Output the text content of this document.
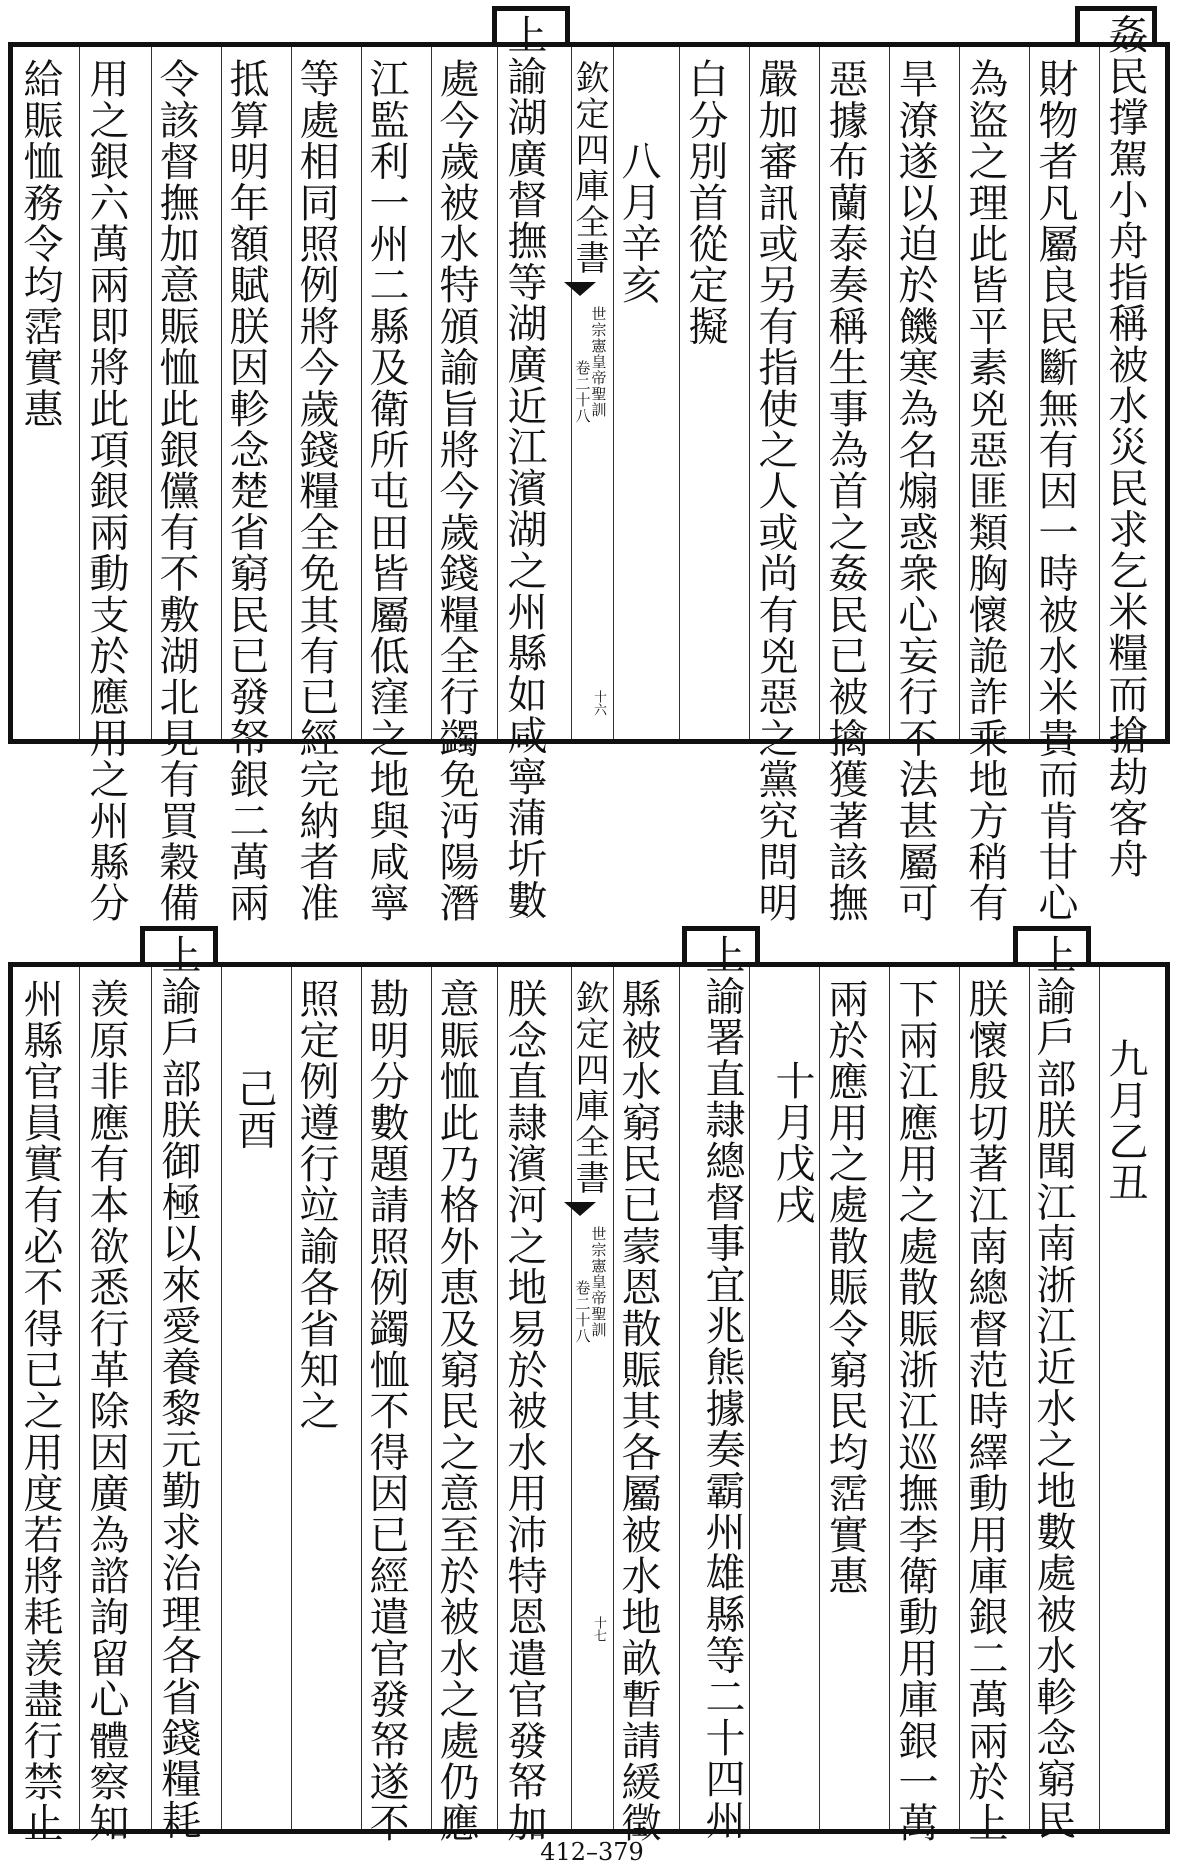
姦民撑駕小舟指稱被水災民求乞米糧而搶劫客舟
財物者凡屬良民斷無有因一時被水米貴而肯甘心
為盜之理此皆平素兇惡匪類胸懷詭詐乘地方稍有
旱潦遂以迫於饑寒為名煽惑衆心妄行不法甚屬可
惡據布蘭泰奏稱生事為首之姦民已被擒獲著該撫
嚴加審訊或另有指使之人或尚有兇惡之黨究問明
白分別首從定擬
八月辛亥
欽定四庫全書
世宗憲皇帝聖訓
卷二十八
十六
上諭湖廣督撫等湖廣近江濱湖之州縣如咸寧蒲圻數
處今歲被水特頒諭旨將今歲錢糧全行蠲免沔陽潛
江監利一州二縣及衛所屯田皆屬低窪之地與咸寧
等處相同照例將今歲錢糧全免其有已經完納者准
抵算明年額賦朕因軫念楚省窮民已發帑銀二萬兩
令該督撫加意賑恤此銀儻有不敷湖北見有買穀備
用之銀六萬兩即將此項銀兩動支於應用之州縣分
給賑恤務令均霑實惠
九月乙丑
上諭戶部朕聞江南浙江近水之地數處被水軫念窮民
朕懷殷切著江南總督范時繹動用庫銀二萬兩於上
下兩江應用之處散賑浙江巡撫李衛動用庫銀一萬
兩於應用之處散賑令窮民均霑實惠
十月戊戌
上諭署直隷總督事宜兆熊據奏霸州雄縣等二十四州
縣被水窮民已蒙恩散賑其各屬被水地畝暫請緩徵
欽定四庫全書
世宗憲皇帝聖訓
卷二十八
十七
朕念直隷濱河之地易於被水用沛特恩遣官發帑加
意賑恤此乃格外恵及窮民之意至於被水之處仍應
勘明分數題請照例蠲恤不得因已經遣官發帑遂不
照定例遵行竝諭各省知之
己酉
上諭戶部朕御極以來愛養黎元勤求治理各省錢糧耗
羡原非應有本欲悉行革除因廣為諮詢留心體察知
州縣官員實有必不得已之用度若將耗羡盡行禁止
412–379
